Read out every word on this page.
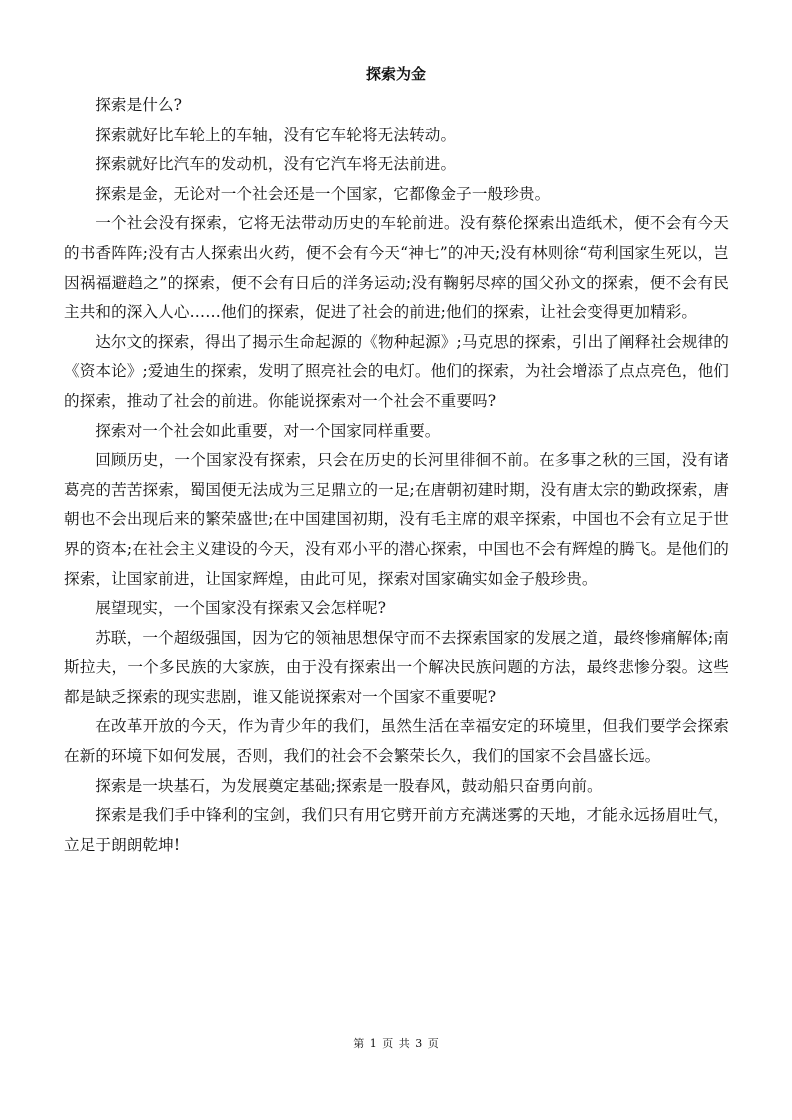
探索为金

探索是什么?

探索就好比车轮上的车轴，没有它车轮将无法转动。

探索就好比汽车的发动机，没有它汽车将无法前进。

探索是金，无论对一个社会还是一个国家，它都像金子一般珍贵。

一个社会没有探索，它将无法带动历史的车轮前进。没有蔡伦探索出造纸术，便不会有今天的书香阵阵;没有古人探索出火药，便不会有今天“神七”的冲天;没有林则徐“苟利国家生死以，岂因祸福避趋之”的探索，便不会有日后的洋务运动;没有鞠躬尽瘁的国父孙文的探索，便不会有民主共和的深入人心……他们的探索，促进了社会的前进;他们的探索，让社会变得更加精彩。

达尔文的探索，得出了揭示生命起源的《物种起源》;马克思的探索，引出了阐释社会规律的《资本论》;爱迪生的探索，发明了照亮社会的电灯。他们的探索，为社会增添了点点亮色，他们的探索，推动了社会的前进。你能说探索对一个社会不重要吗?

探索对一个社会如此重要，对一个国家同样重要。

回顾历史，一个国家没有探索，只会在历史的长河里徘徊不前。在多事之秋的三国，没有诸葛亮的苦苦探索，蜀国便无法成为三足鼎立的一足;在唐朝初建时期，没有唐太宗的勤政探索，唐朝也不会出现后来的繁荣盛世;在中国建国初期，没有毛主席的艰辛探索，中国也不会有立足于世界的资本;在社会主义建设的今天，没有邓小平的潜心探索，中国也不会有辉煌的腾飞。是他们的探索，让国家前进，让国家辉煌，由此可见，探索对国家确实如金子般珍贵。

展望现实，一个国家没有探索又会怎样呢?

苏联，一个超级强国，因为它的领袖思想保守而不去探索国家的发展之道，最终惨痛解体;南斯拉夫，一个多民族的大家族，由于没有探索出一个解决民族问题的方法，最终悲惨分裂。这些都是缺乏探索的现实悲剧，谁又能说探索对一个国家不重要呢?

在改革开放的今天，作为青少年的我们，虽然生活在幸福安定的环境里，但我们要学会探索在新的环境下如何发展，否则，我们的社会不会繁荣长久，我们的国家不会昌盛长远。

探索是一块基石，为发展奠定基础;探索是一股春风，鼓动船只奋勇向前。

探索是我们手中锋利的宝剑，我们只有用它劈开前方充满迷雾的天地，才能永远扬眉吐气，立足于朗朗乾坤!

第 1 页 共 3 页
